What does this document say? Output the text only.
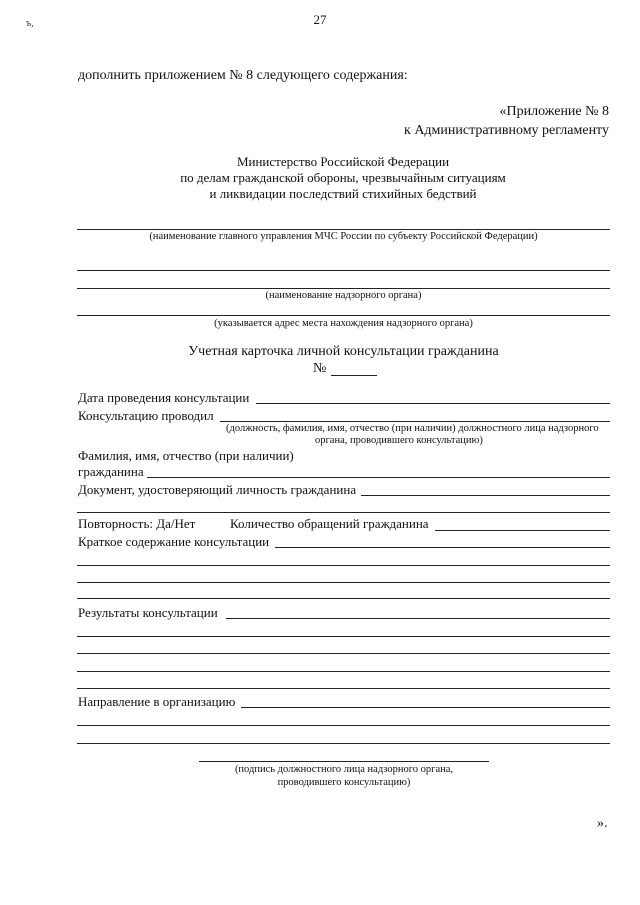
ъ,	27
дополнить приложением № 8 следующего содержания:
«Приложение № 8
к Административному регламенту
Министерство Российской Федерации
по делам гражданской обороны, чрезвычайным ситуациям
и ликвидации последствий стихийных бедствий
(наименование главного управления МЧС России по субъекту Российской Федерации)
(наименование надзорного органа)
(указывается адрес места нахождения надзорного органа)
Учетная карточка личной консультации гражданина
№
Дата проведения консультации
Консультацию проводил
(должность, фамилия, имя, отчество (при наличии) должностного лица надзорного
органа, проводившего консультацию)
Фамилия, имя, отчество (при наличии)
гражданина
Документ, удостоверяющий личность гражданина
Повторность: Да/Нет	Количество обращений гражданина
Краткое содержание консультации
Результаты консультации
Направление в организацию
(подпись должностного лица надзорного органа,
проводившего консультацию)
».
